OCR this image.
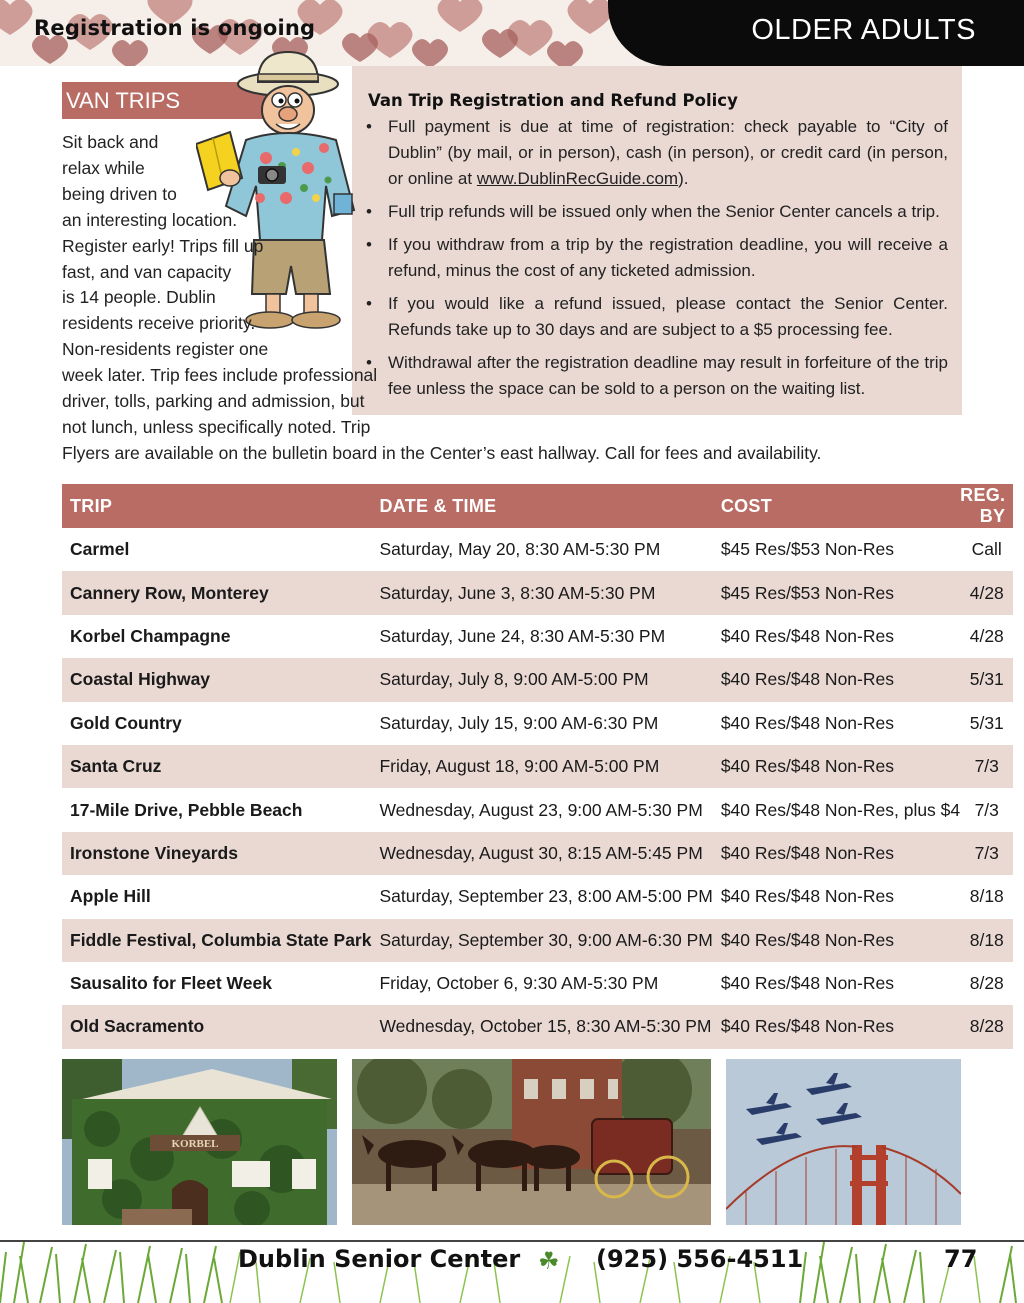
Registration is ongoing	OLDER ADULTS
VAN TRIPS	Van Trip Registration and Refund Policy
• Full payment is due at time of registration: check payable to “City of Dublin” (by mail, or in person), cash (in person), or credit card (in person, or online at www.DublinRecGuide.com).
• Full trip refunds will be issued only when the Senior Center cancels a trip.
• If you withdraw from a trip by the registration deadline, you will receive a refund, minus the cost of any ticketed admission.
• If you would like a refund issued, please contact the Senior Center. Refunds take up to 30 days and are subject to a $5 processing fee.
• Withdrawal after the registration deadline may result in forfeiture of the trip fee unless the space can be sold to a person on the waiting list.
Sit back and
relax while
being driven to
an interesting location.
Register early! Trips fill up
fast, and van capacity
is 14 people. Dublin
residents receive priority.
Non-residents register one
week later. Trip fees include professional
driver, tolls, parking and admission, but
not lunch, unless specifically noted. Trip
Flyers are available on the bulletin board in the Center’s east hallway. Call for fees and availability.
TRIP	DATE & TIME	COST	REG. BY
Carmel	Saturday, May 20, 8:30 AM-5:30 PM	$45 Res/$53 Non-Res	Call
Cannery Row, Monterey	Saturday, June 3, 8:30 AM-5:30 PM	$45 Res/$53 Non-Res	4/28
Korbel Champagne	Saturday, June 24, 8:30 AM-5:30 PM	$40 Res/$48 Non-Res	4/28
Coastal Highway	Saturday, July 8, 9:00 AM-5:00 PM	$40 Res/$48 Non-Res	5/31
Gold Country	Saturday, July 15, 9:00 AM-6:30 PM	$40 Res/$48 Non-Res	5/31
Santa Cruz	Friday, August 18, 9:00 AM-5:00 PM	$40 Res/$48 Non-Res	7/3
17-Mile Drive, Pebble Beach	Wednesday, August 23, 9:00 AM-5:30 PM	$40 Res/$48 Non-Res, plus $4	7/3
Ironstone Vineyards	Wednesday, August 30, 8:15 AM-5:45 PM	$40 Res/$48 Non-Res	7/3
Apple Hill	Saturday, September 23, 8:00 AM-5:00 PM	$40 Res/$48 Non-Res	8/18
Fiddle Festival, Columbia State Park	Saturday, September 30, 9:00 AM-6:30 PM	$40 Res/$48 Non-Res	8/18
Sausalito for Fleet Week	Friday, October 6, 9:30 AM-5:30 PM	$40 Res/$48 Non-Res	8/28
Old Sacramento	Wednesday, October 15, 8:30 AM-5:30 PM	$40 Res/$48 Non-Res	8/28
KORBEL
Dublin Senior Center ☘ (925) 556-4511	77
